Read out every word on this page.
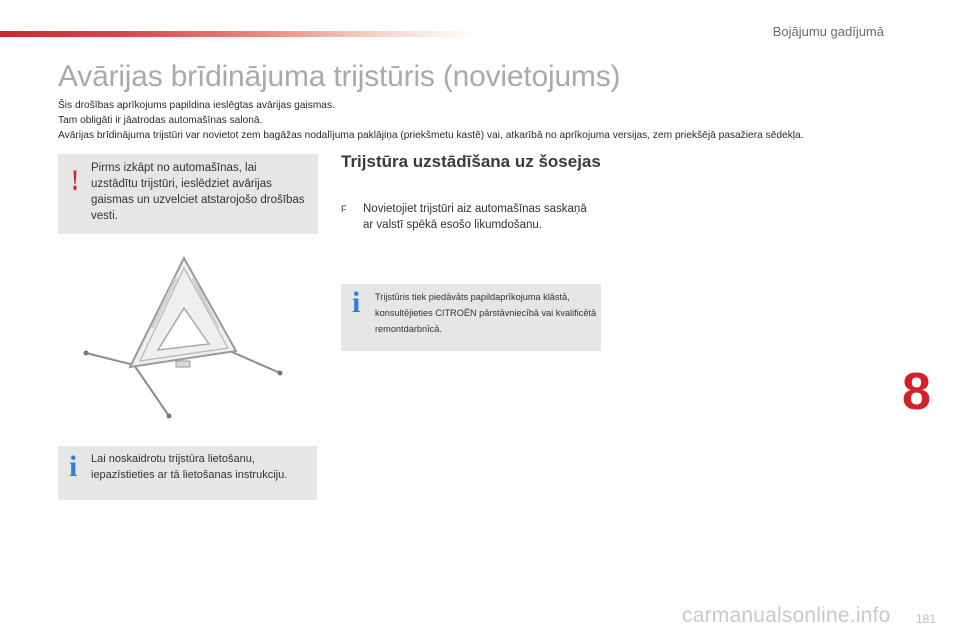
Bojājumu gadījumā
Avārijas brīdinājuma trijstūris (novietojums)
Šis drošības aprīkojums papildina ieslēgtas avārijas gaismas.
Tam obligāti ir jāatrodas automašīnas salonā.
Avārijas brīdinājuma trijstūri var novietot zem bagāžas nodalījuma paklājiņa (priekšmetu kastē) vai, atkarībā no aprīkojuma versijas, zem priekšējā pasažiera sēdekļa.
! Pirms izkāpt no automašīnas, lai uzstādītu trijstūri, ieslēdziet avārijas gaismas un uzvelciet atstarojošo drošības vesti.
i Lai noskaidrotu trijstūra lietošanu, iepazīstieties ar tā lietošanas instrukciju.
Trijstūra uzstādīšana uz šosejas
F Novietojiet trijstūri aiz automašīnas saskaņā ar valstī spēkā esošo likumdošanu.
i Trijstūris tiek piedāvāts papildaprīkojuma klāstā, konsultējieties CITROËN pārstāvniecībā vai kvalificētā remontdarbnīcā.
8
181
carmanualsonline.info
